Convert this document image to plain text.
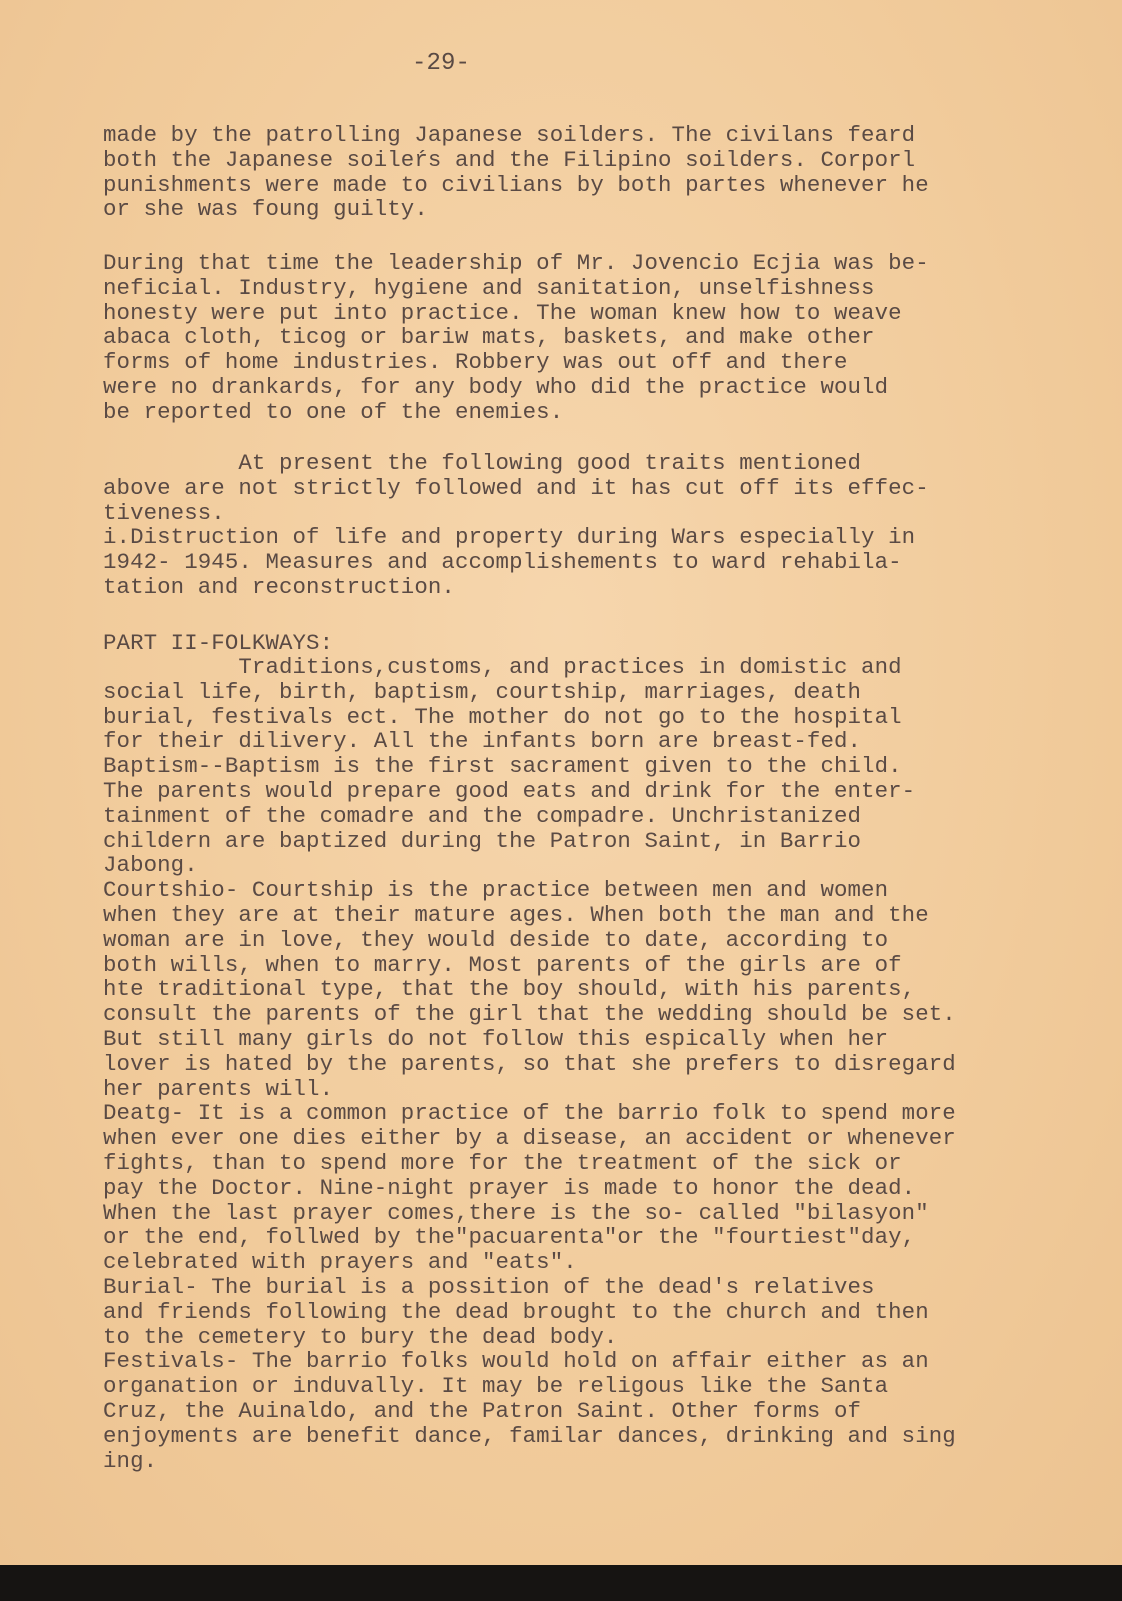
-29-

made by the patrolling Japanese soilders. The civilans feard
both the Japanese soileŕs and the Filipino soilders. Corporl
punishments were made to civilians by both partes whenever he
or she was foung guilty.

During that time the leadership of Mr. Jovencio Ecjia was be-
neficial. Industry, hygiene and sanitation, unselfishness
honesty were put into practice. The woman knew how to weave
abaca cloth, ticog or bariw mats, baskets, and make other
forms of home industries. Robbery was out off and there
were no drankards, for any body who did the practice would
be reported to one of the enemies.

At present the following good traits mentioned
above are not strictly followed and it has cut off its effec-
tiveness.
i.Distruction of life and property during Wars especially in
1942- 1945. Measures and accomplishements to ward rehabila-
tation and reconstruction.

PART II-FOLKWAYS:

Traditions,customs, and practices in domistic and
social life, birth, baptism, courtship, marriages, death
burial, festivals ect. The mother do not go to the hospital
for their dilivery. All the infants born are breast-fed.
Baptism--Baptism is the first sacrament given to the child.
The parents would prepare good eats and drink for the enter-
tainment of the comadre and the compadre. Unchristanized
childern are baptized during the Patron Saint, in Barrio
Jabong.
Courtshio- Courtship is the practice between men and women
when they are at their mature ages. When both the man and the
woman are in love, they would deside to date, according to
both wills, when to marry. Most parents of the girls are of
hte traditional type, that the boy should, with his parents,
consult the parents of the girl that the wedding should be set.
But still many girls do not follow this espically when her
lover is hated by the parents, so that she prefers to disregard
her parents will.
Deatg- It is a common practice of the barrio folk to spend more
when ever one dies either by a disease, an accident or whenever
fights, than to spend more for the treatment of the sick or
pay the Doctor. Nine-night prayer is made to honor the dead.
When the last prayer comes,there is the so- called "bilasyon"
or the end, follwed by the"pacuarenta"or the "fourtiest"day,
celebrated with prayers and "eats".
Burial- The burial is a possition of the dead's relatives
and friends following the dead brought to the church and then
to the cemetery to bury the dead body.
Festivals- The barrio folks would hold on affair either as an
organation or induvally. It may be religous like the Santa
Cruz, the Auinaldo, and the Patron Saint. Other forms of
enjoyments are benefit dance, familar dances, drinking and sing
ing.
